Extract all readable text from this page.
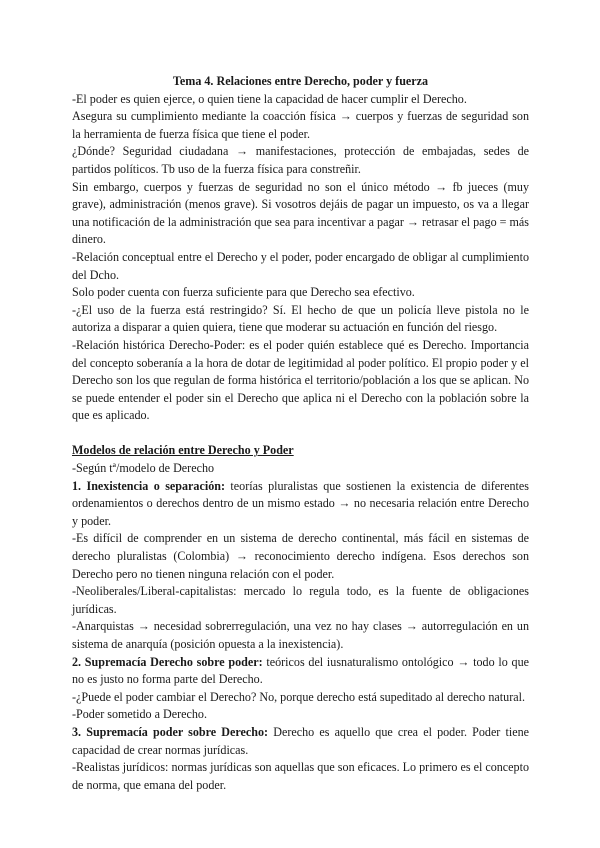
Tema 4. Relaciones entre Derecho, poder y fuerza

-El poder es quien ejerce, o quien tiene la capacidad de hacer cumplir el Derecho.

Asegura su cumplimiento mediante la coacción física → cuerpos y fuerzas de seguridad son la herramienta de fuerza física que tiene el poder.

¿Dónde? Seguridad ciudadana → manifestaciones, protección de embajadas, sedes de partidos políticos. Tb uso de la fuerza física para constreñir.

Sin embargo, cuerpos y fuerzas de seguridad no son el único método → fb jueces (muy grave), administración (menos grave). Si vosotros dejáis de pagar un impuesto, os va a llegar una notificación de la administración que sea para incentivar a pagar → retrasar el pago = más dinero.

-Relación conceptual entre el Derecho y el poder, poder encargado de obligar al cumplimiento del Dcho.

Solo poder cuenta con fuerza suficiente para que Derecho sea efectivo.

-¿El uso de la fuerza está restringido? Sí. El hecho de que un policía lleve pistola no le autoriza a disparar a quien quiera, tiene que moderar su actuación en función del riesgo.

-Relación histórica Derecho-Poder: es el poder quién establece qué es Derecho. Importancia del concepto soberanía a la hora de dotar de legitimidad al poder político. El propio poder y el Derecho son los que regulan de forma histórica el territorio/población a los que se aplican. No se puede entender el poder sin el Derecho que aplica ni el Derecho con la población sobre la que es aplicado.

Modelos de relación entre Derecho y Poder

-Según tª/modelo de Derecho

1. Inexistencia o separación: teorías pluralistas que sostienen la existencia de diferentes ordenamientos o derechos dentro de un mismo estado → no necesaria relación entre Derecho y poder.

-Es difícil de comprender en un sistema de derecho continental, más fácil en sistemas de derecho pluralistas (Colombia) → reconocimiento derecho indígena. Esos derechos son Derecho pero no tienen ninguna relación con el poder.

-Neoliberales/Liberal-capitalistas: mercado lo regula todo, es la fuente de obligaciones jurídicas.

-Anarquistas → necesidad sobrerregulación, una vez no hay clases → autorregulación en un sistema de anarquía (posición opuesta a la inexistencia).

2. Supremacía Derecho sobre poder: teóricos del iusnaturalismo ontológico → todo lo que no es justo no forma parte del Derecho.

-¿Puede el poder cambiar el Derecho? No, porque derecho está supeditado al derecho natural.

-Poder sometido a Derecho.

3. Supremacía poder sobre Derecho: Derecho es aquello que crea el poder. Poder tiene capacidad de crear normas jurídicas.

-Realistas jurídicos: normas jurídicas son aquellas que son eficaces. Lo primero es el concepto de norma, que emana del poder.
